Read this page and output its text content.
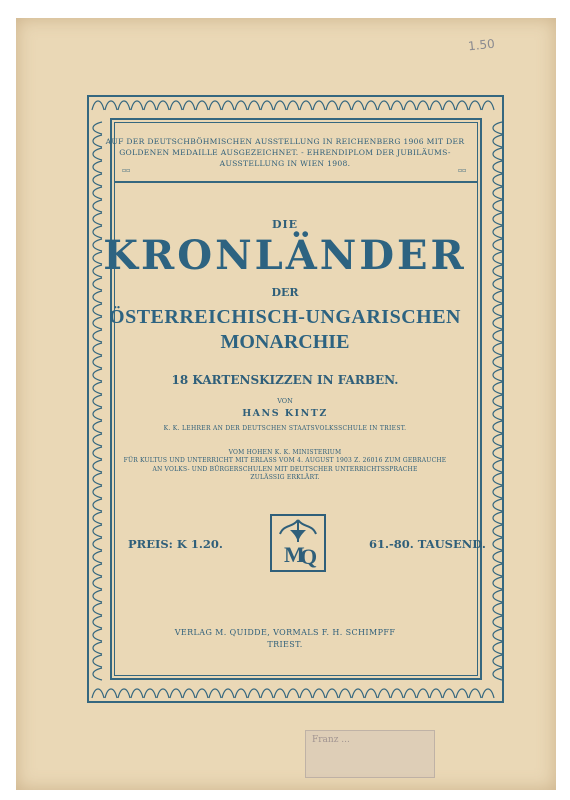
1.50
AUF DER DEUTSCHBÖHMISCHEN AUSSTELLUNG IN REICHENBERG 1906 MIT DER
GOLDENEN MEDAILLE AUSGEZEICHNET. - EHRENDIPLOM DER JUBILÄUMS-
AUSSTELLUNG IN WIEN 1908.
▫▫	▫▫
DIE
KRONLÄNDER
DER
ÖSTERREICHISCH-UNGARISCHEN
MONARCHIE
18 KARTENSKIZZEN IN FARBEN.
VON
HANS KINTZ
K. K. LEHRER AN DER DEUTSCHEN STAATSVOLKSSCHULE IN TRIEST.
VOM HOHEN K. K. MINISTERIUM
FÜR KULTUS UND UNTERRICHT MIT ERLASS VOM 4. AUGUST 1903 Z. 26016 ZUM GEBRAUCHE
AN VOLKS- UND BÜRGERSCHULEN MIT DEUTSCHER UNTERRICHTSSPRACHE
ZULÄSSIG ERKLÄRT.
PREIS: K 1.20.	61.-80. TAUSEND.
M
Q
VERLAG M. QUIDDE, VORMALS F. H. SCHIMPFF
TRIEST.
Franz ...
